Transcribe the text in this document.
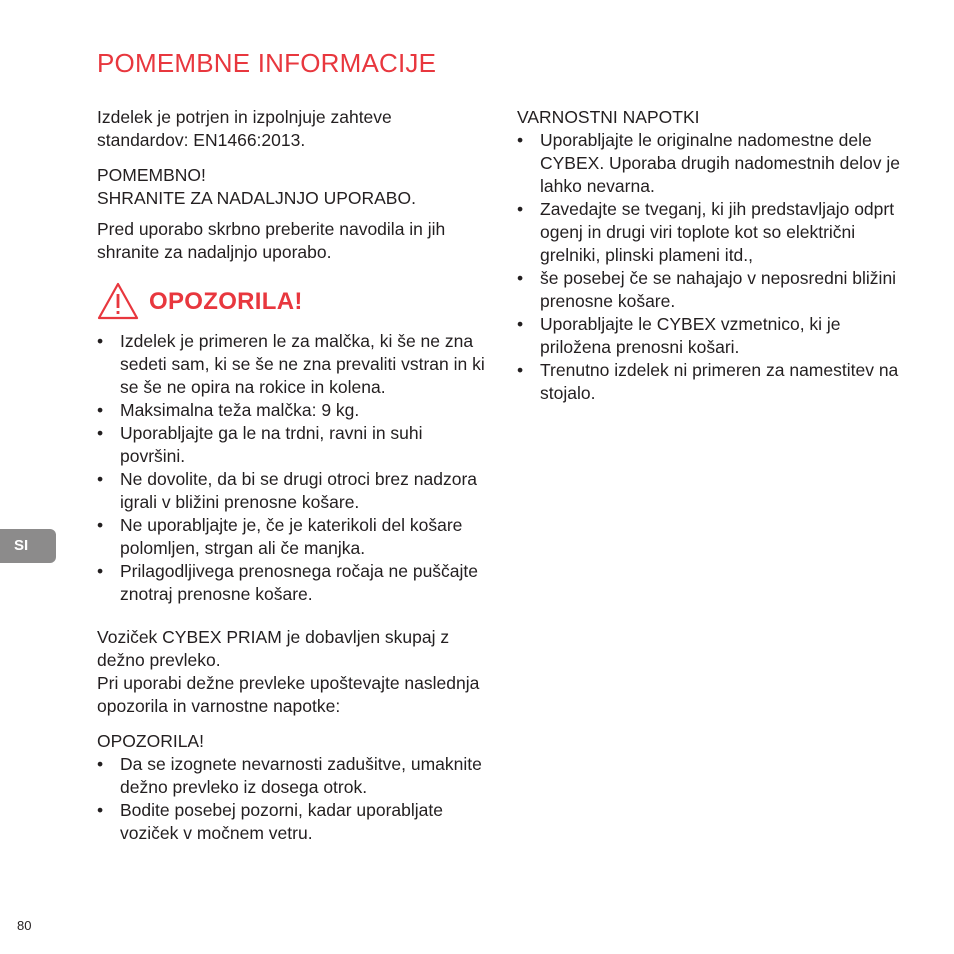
POMEMBNE INFORMACIJE

Izdelek je potrjen in izpolnjuje zahteve standardov: EN1466:2013.

POMEMBNO!

SHRANITE ZA NADALJNJO UPORABO.

Pred uporabo skrbno preberite navodila in jih shranite za nadaljnjo uporabo.

OPOZORILA!
• Izdelek je primeren le za malčka, ki še ne zna sedeti sam, ki se še ne zna prevaliti vstran in ki se še ne opira na rokice in kolena.
• Maksimalna teža malčka: 9 kg.
• Uporabljajte ga le na trdni, ravni in suhi površini.
• Ne dovolite, da bi se drugi otroci brez nadzora igrali v bližini prenosne košare.
• Ne uporabljajte je, če je katerikoli del košare polomljen, strgan ali če manjka.
• Prilagodljivega prenosnega ročaja ne puščajte znotraj prenosne košare.

Voziček CYBEX PRIAM je dobavljen skupaj z dežno prevleko.

Pri uporabi dežne prevleke upoštevajte naslednja opozorila in varnostne napotke:

OPOZORILA!

• Da se izognete nevarnosti zadušitve, umaknite dežno prevleko iz dosega otrok.
• Bodite posebej pozorni, kadar uporabljate voziček v močnem vetru.

VARNOSTNI NAPOTKI

• Uporabljajte le originalne nadomestne dele CYBEX. Uporaba drugih nadomestnih delov je lahko nevarna.
• Zavedajte se tveganj, ki jih predstavljajo odprt ogenj in drugi viri toplote kot so električni grelniki, plinski plameni itd.,
• še posebej če se nahajajo v neposredni bližini prenosne košare.
• Uporabljajte le CYBEX vzmetnico, ki je priložena prenosni košari.
• Trenutno izdelek ni primeren za namestitev na stojalo.
SI
80
